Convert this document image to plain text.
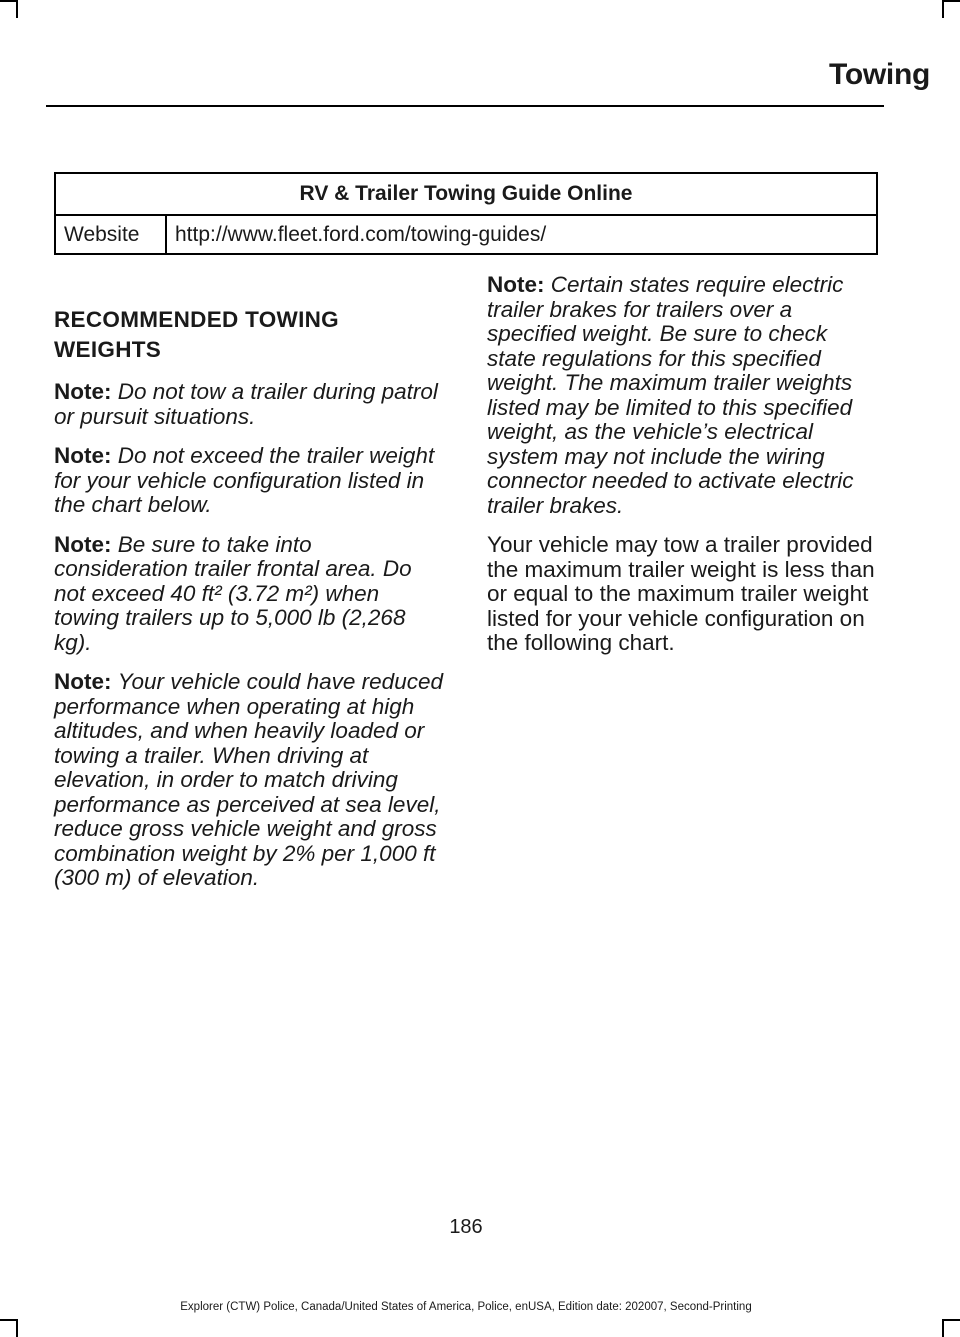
Towing
RV & Trailer Towing Guide Online
Website	http://www.fleet.ford.com/towing-guides/
RECOMMENDED TOWING WEIGHTS

Note: Do not tow a trailer during patrol or pursuit situations.

Note: Do not exceed the trailer weight for your vehicle configuration listed in the chart below.

Note: Be sure to take into consideration trailer frontal area. Do not exceed 40 ft² (3.72 m²) when towing trailers up to 5,000 lb (2,268 kg).

Note: Your vehicle could have reduced performance when operating at high altitudes, and when heavily loaded or towing a trailer. When driving at elevation, in order to match driving performance as perceived at sea level, reduce gross vehicle weight and gross combination weight by 2% per 1,000 ft (300 m) of elevation.

Note: Certain states require electric trailer brakes for trailers over a specified weight. Be sure to check state regulations for this specified weight. The maximum trailer weights listed may be limited to this specified weight, as the vehicle’s electrical system may not include the wiring connector needed to activate electric trailer brakes.

Your vehicle may tow a trailer provided the maximum trailer weight is less than or equal to the maximum trailer weight listed for your vehicle configuration on the following chart.

186
Explorer (CTW) Police, Canada/United States of America, Police, enUSA, Edition date: 202007, Second-Printing
